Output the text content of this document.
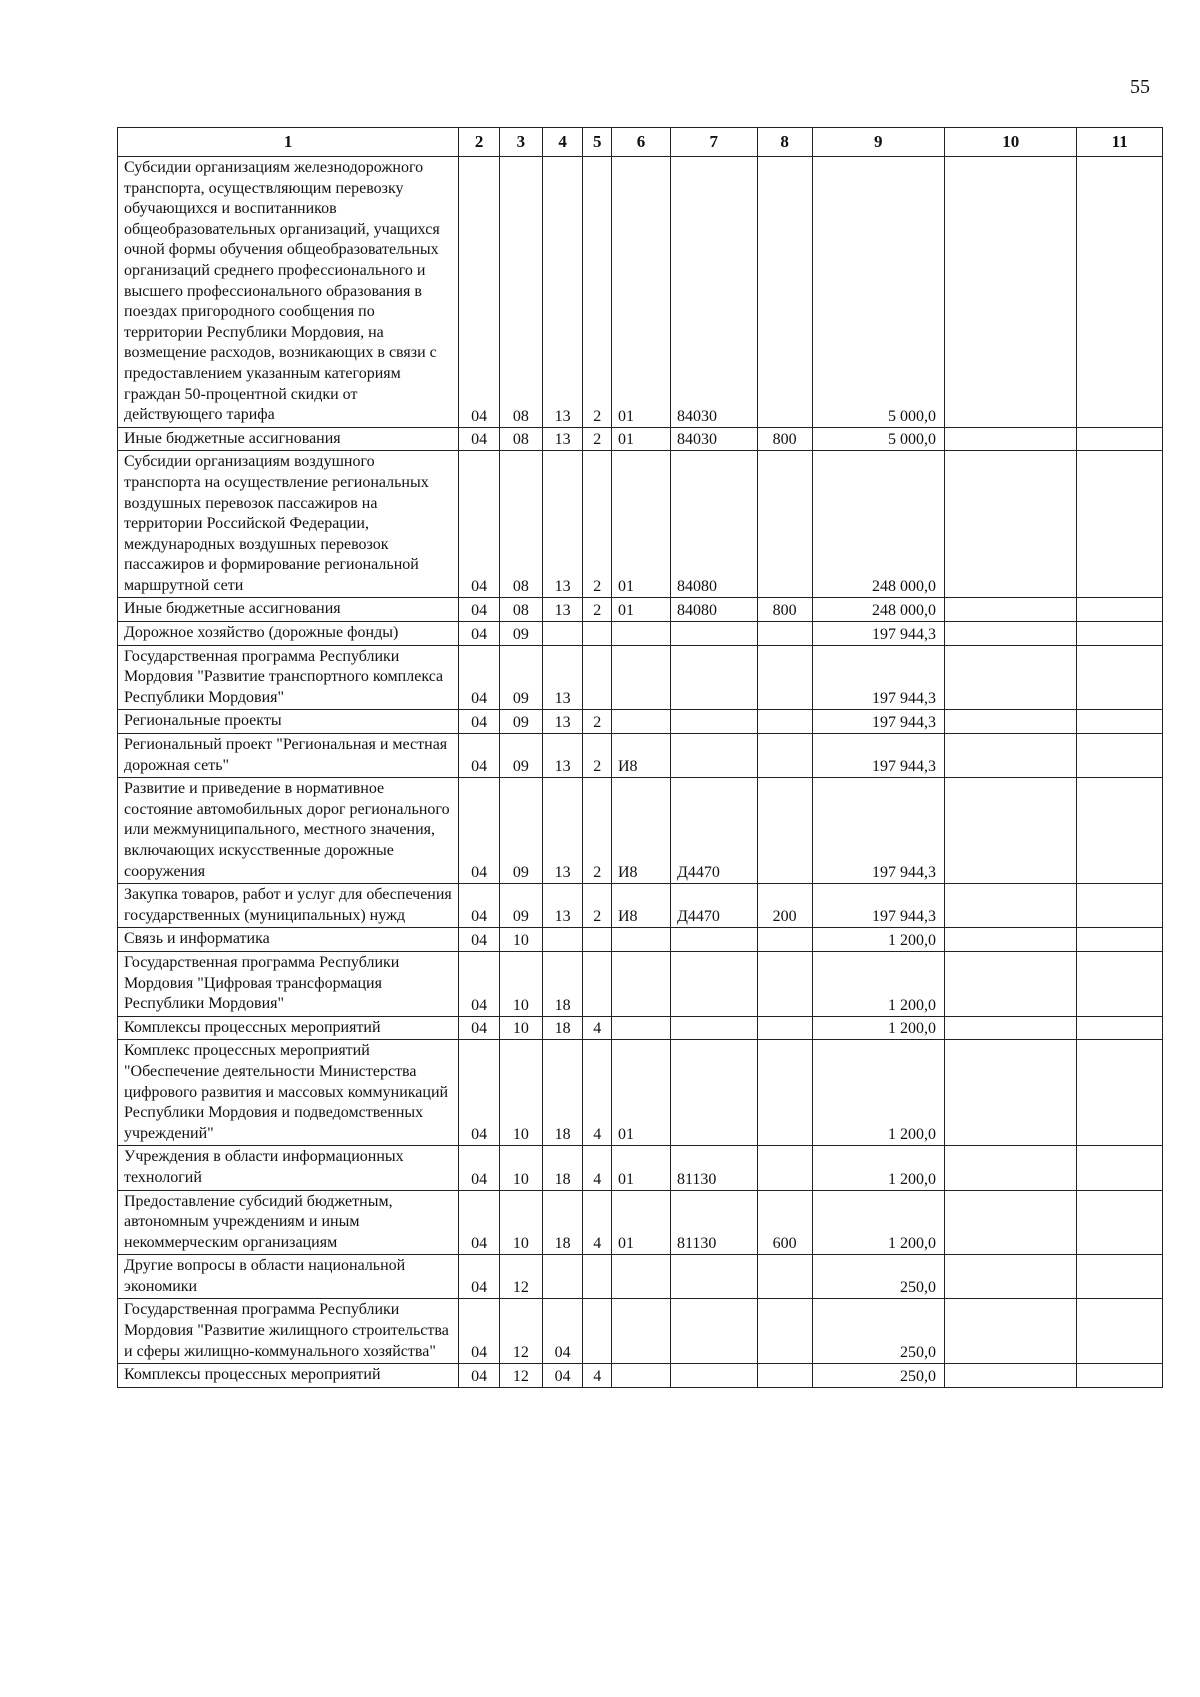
55
1	2	3	4	5	6	7	8	9	10	11
Субсидии организациям железнодорожного транспорта, осуществляющим перевозку обучающихся и воспитанников общеобразовательных организаций, учащихся очной формы обучения общеобразовательных организаций среднего профессионального и высшего профессионального образования в поездах пригородного сообщения по территории Республики Мордовия, на возмещение расходов, возникающих в связи с предоставлением указанным категориям граждан 50-процентной скидки от действующего тарифа	04	08	13	2	01	84030		5 000,0		
Иные бюджетные ассигнования	04	08	13	2	01	84030	800	5 000,0		
Субсидии организациям воздушного транспорта на осуществление региональных воздушных перевозок пассажиров на территории Российской Федерации, международных воздушных перевозок пассажиров и формирование региональной маршрутной сети	04	08	13	2	01	84080		248 000,0		
Иные бюджетные ассигнования	04	08	13	2	01	84080	800	248 000,0		
Дорожное хозяйство (дорожные фонды)	04	09						197 944,3		
Государственная программа Республики Мордовия "Развитие транспортного комплекса Республики Мордовия"	04	09	13					197 944,3		
Региональные проекты	04	09	13	2				197 944,3		
Региональный проект "Региональная и местная дорожная сеть"	04	09	13	2	И8			197 944,3		
Развитие и приведение в нормативное состояние автомобильных дорог регионального или межмуниципального, местного значения, включающих искусственные дорожные сооружения	04	09	13	2	И8	Д4470		197 944,3		
Закупка товаров, работ и услуг для обеспечения государственных (муниципальных) нужд	04	09	13	2	И8	Д4470	200	197 944,3		
Связь и информатика	04	10						1 200,0		
Государственная программа Республики Мордовия "Цифровая трансформация Республики Мордовия"	04	10	18					1 200,0		
Комплексы процессных мероприятий	04	10	18	4				1 200,0		
Комплекс процессных мероприятий "Обеспечение деятельности Министерства цифрового развития и массовых коммуникаций Республики Мордовия и подведомственных учреждений"	04	10	18	4	01			1 200,0		
Учреждения в области информационных технологий	04	10	18	4	01	81130		1 200,0		
Предоставление субсидий бюджетным, автономным учреждениям и иным некоммерческим организациям	04	10	18	4	01	81130	600	1 200,0		
Другие вопросы в области национальной экономики	04	12						250,0		
Государственная программа Республики Мордовия "Развитие жилищного строительства и сферы жилищно-коммунального хозяйства"	04	12	04					250,0		
Комплексы процессных мероприятий	04	12	04	4				250,0		
